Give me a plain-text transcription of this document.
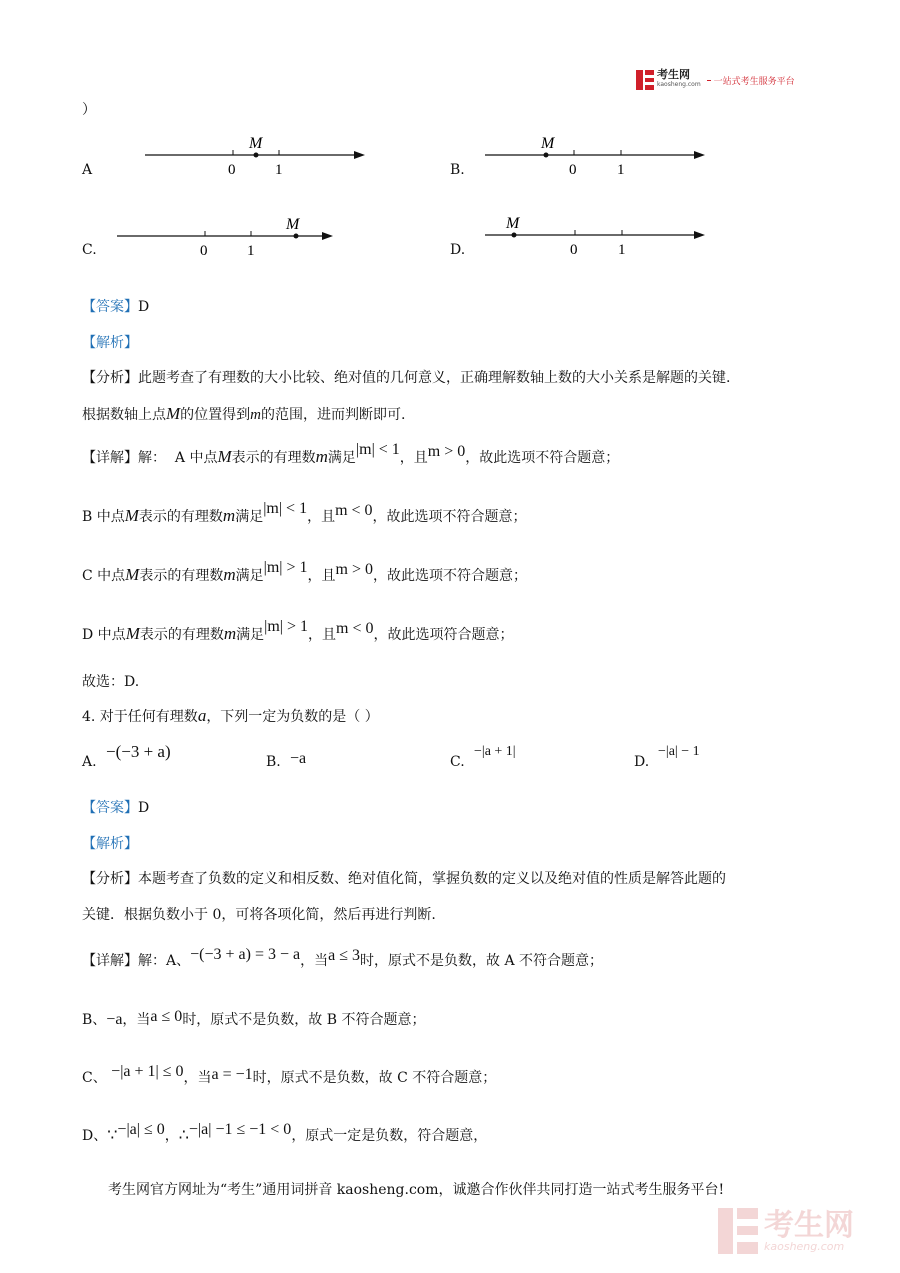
考生网
kaosheng.com 一站式考生服务平台
）
A
M
0	1	B.
M
0	1
C.
M
0	1	D.
M
0	1
【答案】D
【解析】
【分析】此题考查了有理数的大小比较、绝对值的几何意义，正确理解数轴上数的大小关系是解题的关键.
根据数轴上点M的位置得到m的范围，进而判断即可.
【详解】解： A 中点M表示的有理数m满足|m| < 1，且m > 0，故此选项不符合题意；
B 中点M表示的有理数m满足|m| < 1，且m < 0，故此选项不符合题意；
C 中点M表示的有理数m满足|m| > 1，且m > 0，故此选项不符合题意；
D 中点M表示的有理数m满足|m| > 1，且m < 0，故此选项符合题意；
故选：D.
4. 对于任何有理数a，下列一定为负数的是（ ）
A.
−(−3 + a)
B. −a	C.
−|a + 1|
D.
−|a| − 1
【答案】D
【解析】
【分析】本题考查了负数的定义和相反数、绝对值化简，掌握负数的定义以及绝对值的性质是解答此题的
关键．根据负数小于 0，可将各项化简，然后再进行判断.
【详解】解：A、−(−3 + a) = 3 − a，当a ≤ 3时，原式不是负数，故 A 不符合题意；
B、−a，当a ≤ 0时，原式不是负数，故 B 不符合题意；
C、 −|a + 1| ≤ 0，当a = −1时，原式不是负数，故 C 不符合题意；
D、∵−|a| ≤ 0，∴−|a| −1 ≤ −1 < 0，原式一定是负数，符合题意，
考生网官方网址为“考生”通用词拼音 kaosheng.com，诚邀合作伙伴共同打造一站式考生服务平台!
考生网
kaosheng.com
